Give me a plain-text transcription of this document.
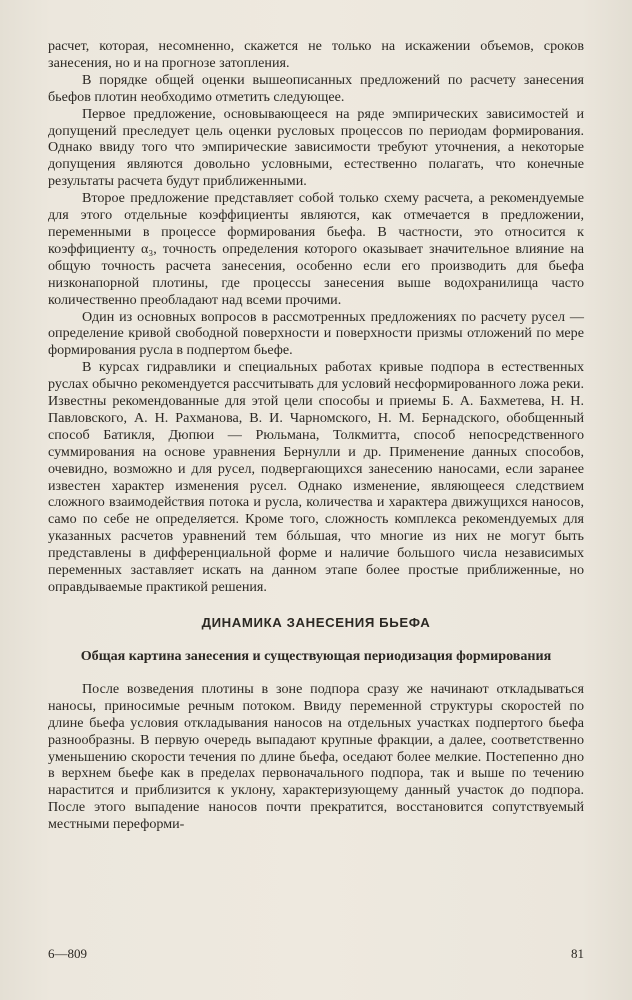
расчет, которая, несомненно, скажется не только на искажении объемов, сроков занесения, но и на прогнозе затопления.

В порядке общей оценки вышеописанных предложений по расчету занесения бьефов плотин необходимо отметить следующее.

Первое предложение, основывающееся на ряде эмпирических зависимостей и допущений преследует цель оценки русловых процессов по периодам формирования. Однако ввиду того что эмпирические зависимости требуют уточнения, а некоторые допущения являются довольно условными, естественно полагать, что конечные результаты расчета будут приближенными.

Второе предложение представляет собой только схему расчета, а рекомендуемые для этого отдельные коэффициенты являются, как отмечается в предложении, переменными в процессе формирования бьефа. В частности, это относится к коэффициенту α₃, точность определения которого оказывает значительное влияние на общую точность расчета занесения, особенно если его производить для бьефа низконапорной плотины, где процессы занесения выше водохранилища часто количественно преобладают над всеми прочими.

Один из основных вопросов в рассмотренных предложениях по расчету русел — определение кривой свободной поверхности и поверхности призмы отложений по мере формирования русла в подпертом бьефе.

В курсах гидравлики и специальных работах кривые подпора в естественных руслах обычно рекомендуется рассчитывать для условий несформированного ложа реки. Известны рекомендованные для этой цели способы и приемы Б. А. Бахметева, Н. Н. Павловского, А. Н. Рахманова, В. И. Чарномского, Н. М. Бернадского, обобщенный способ Батикля, Дюпюи — Рюльмана, Толкмитта, способ непосредственного суммирования на основе уравнения Бернулли и др. Применение данных способов, очевидно, возможно и для русел, подвергающихся занесению наносами, если заранее известен характер изменения русел. Однако изменение, являющееся следствием сложного взаимодействия потока и русла, количества и характера движущихся наносов, само по себе не определяется. Кроме того, сложность комплекса рекомендуемых для указанных расчетов уравнений тем бóльшая, что многие из них не могут быть представлены в дифференциальной форме и наличие большого числа независимых переменных заставляет искать на данном этапе более простые приближенные, но оправдываемые практикой решения.

ДИНАМИКА ЗАНЕСЕНИЯ БЬЕФА
Общая картина занесения и существующая периодизация формирования

После возведения плотины в зоне подпора сразу же начинают откладываться наносы, приносимые речным потоком. Ввиду переменной структуры скоростей по длине бьефа условия откладывания наносов на отдельных участках подпертого бьефа разнообразны. В первую очередь выпадают крупные фракции, а далее, соответственно уменьшению скорости течения по длине бьефа, оседают более мелкие. Постепенно дно в верхнем бьефе как в пределах первоначального подпора, так и выше по течению нарастится и приблизится к уклону, характеризующему данный участок до подпора. После этого выпадение наносов почти прекратится, восстановится сопутствуемый местными переформи-

6—809	81
